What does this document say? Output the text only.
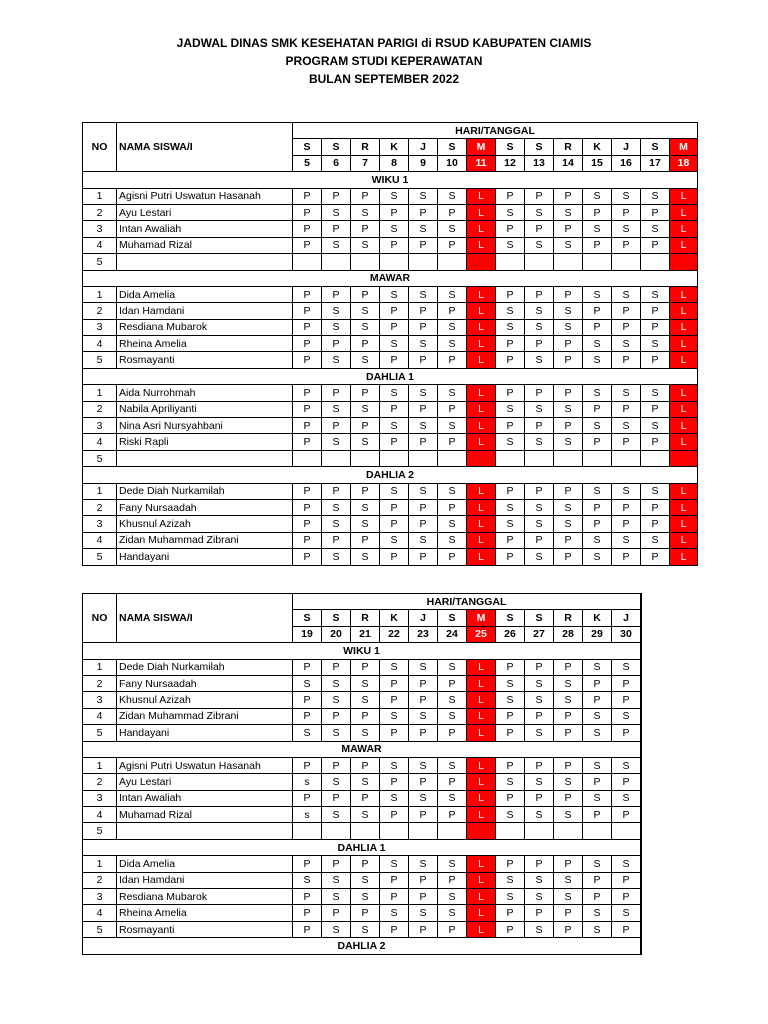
JADWAL DINAS SMK KESEHATAN PARIGI di RSUD KABUPATEN CIAMIS
PROGRAM STUDI KEPERAWATAN
BULAN SEPTEMBER 2022
NO	NAMA SISWA/I	HARI/TANGGAL													
		S	S	R	K	J	S	M	S	S	R	K	J	S	M
		5	6	7	8	9	10	11	12	13	14	15	16	17	18
WIKU 1															
1	Agisni Putri Uswatun Hasanah	P	P	P	S	S	S	L	P	P	P	S	S	S	L
2	Ayu Lestari	P	S	S	P	P	P	L	S	S	S	P	P	P	L
3	Intan Awaliah	P	P	P	S	S	S	L	P	P	P	S	S	S	L
4	Muhamad Rizal	P	S	S	P	P	P	L	S	S	S	P	P	P	L
5															
MAWAR															
1	Dida Amelia	P	P	P	S	S	S	L	P	P	P	S	S	S	L
2	Idan Hamdani	P	S	S	P	P	P	L	S	S	S	P	P	P	L
3	Resdiana Mubarok	P	S	S	P	P	S	L	S	S	S	P	P	P	L
4	Rheina Amelia	P	P	P	S	S	S	L	P	P	P	S	S	S	L
5	Rosmayanti	P	S	S	P	P	P	L	P	S	P	S	P	P	L
DAHLIA 1															
1	Aida Nurrohmah	P	P	P	S	S	S	L	P	P	P	S	S	S	L
2	Nabila Apriliyanti	P	S	S	P	P	P	L	S	S	S	P	P	P	L
3	Nina Asri Nursyahbani	P	P	P	S	S	S	L	P	P	P	S	S	S	L
4	Riski Rapli	P	S	S	P	P	P	L	S	S	S	P	P	P	L
5															
DAHLIA 2															
1	Dede Diah Nurkamilah	P	P	P	S	S	S	L	P	P	P	S	S	S	L
2	Fany Nursaadah	P	S	S	P	P	P	L	S	S	S	P	P	P	L
3	Khusnul Azizah	P	S	S	P	P	S	L	S	S	S	P	P	P	L
4	Zidan Muhammad Zibrani	P	P	P	S	S	S	L	P	P	P	S	S	S	L
5	Handayani	P	S	S	P	P	P	L	P	S	P	S	P	P	L
NO	NAMA SISWA/I	HARI/TANGGAL												
		S	S	R	K	J	S	M	S	S	R	K	J	
		19	20	21	22	23	24	25	26	27	28	29	30	
WIKU 1														
1	Dede Diah Nurkamilah	P	P	P	S	S	S	L	P	P	P	S	S	
2	Fany Nursaadah	S	S	S	P	P	P	L	S	S	S	P	P	
3	Khusnul Azizah	P	S	S	P	P	S	L	S	S	S	P	P	
4	Zidan Muhammad Zibrani	P	P	P	S	S	S	L	P	P	P	S	S	
5	Handayani	S	S	S	P	P	P	L	P	S	P	S	P	
MAWAR														
1	Agisni Putri Uswatun Hasanah	P	P	P	S	S	S	L	P	P	P	S	S	
2	Ayu Lestari	s	S	S	P	P	P	L	S	S	S	P	P	
3	Intan Awaliah	P	P	P	S	S	S	L	P	P	P	S	S	
4	Muhamad Rizal	s	S	S	P	P	P	L	S	S	S	P	P	
5														
DAHLIA 1														
1	Dida Amelia	P	P	P	S	S	S	L	P	P	P	S	S	
2	Idan Hamdani	S	S	S	P	P	P	L	S	S	S	P	P	
3	Resdiana Mubarok	P	S	S	P	P	S	L	S	S	S	P	P	
4	Rheina Amelia	P	P	P	S	S	S	L	P	P	P	S	S	
5	Rosmayanti	P	S	S	P	P	P	L	P	S	P	S	P	
DAHLIA 2														
